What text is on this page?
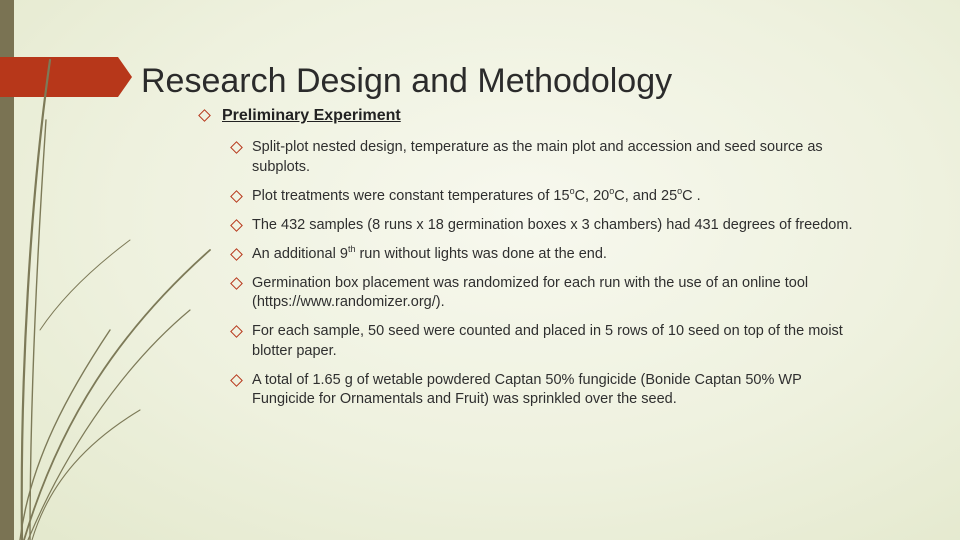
Research Design and Methodology
Preliminary Experiment
Split-plot nested design, temperature as the main plot and accession and seed source as subplots.
Plot treatments were constant temperatures of 15$^o$C, 20$^o$C, and 25$^o$C .
The 432 samples (8 runs x 18 germination boxes x 3 chambers) had 431 degrees of freedom.
An additional 9th run without lights was done at the end.
Germination box placement was randomized for each run with the use of an online tool (https://www.randomizer.org/).
For each sample, 50 seed were counted and placed in 5 rows of 10 seed on top of the moist blotter paper.
A total of 1.65 g of wetable powdered Captan 50% fungicide (Bonide Captan 50% WP Fungicide for Ornamentals and Fruit) was sprinkled over the seed.
